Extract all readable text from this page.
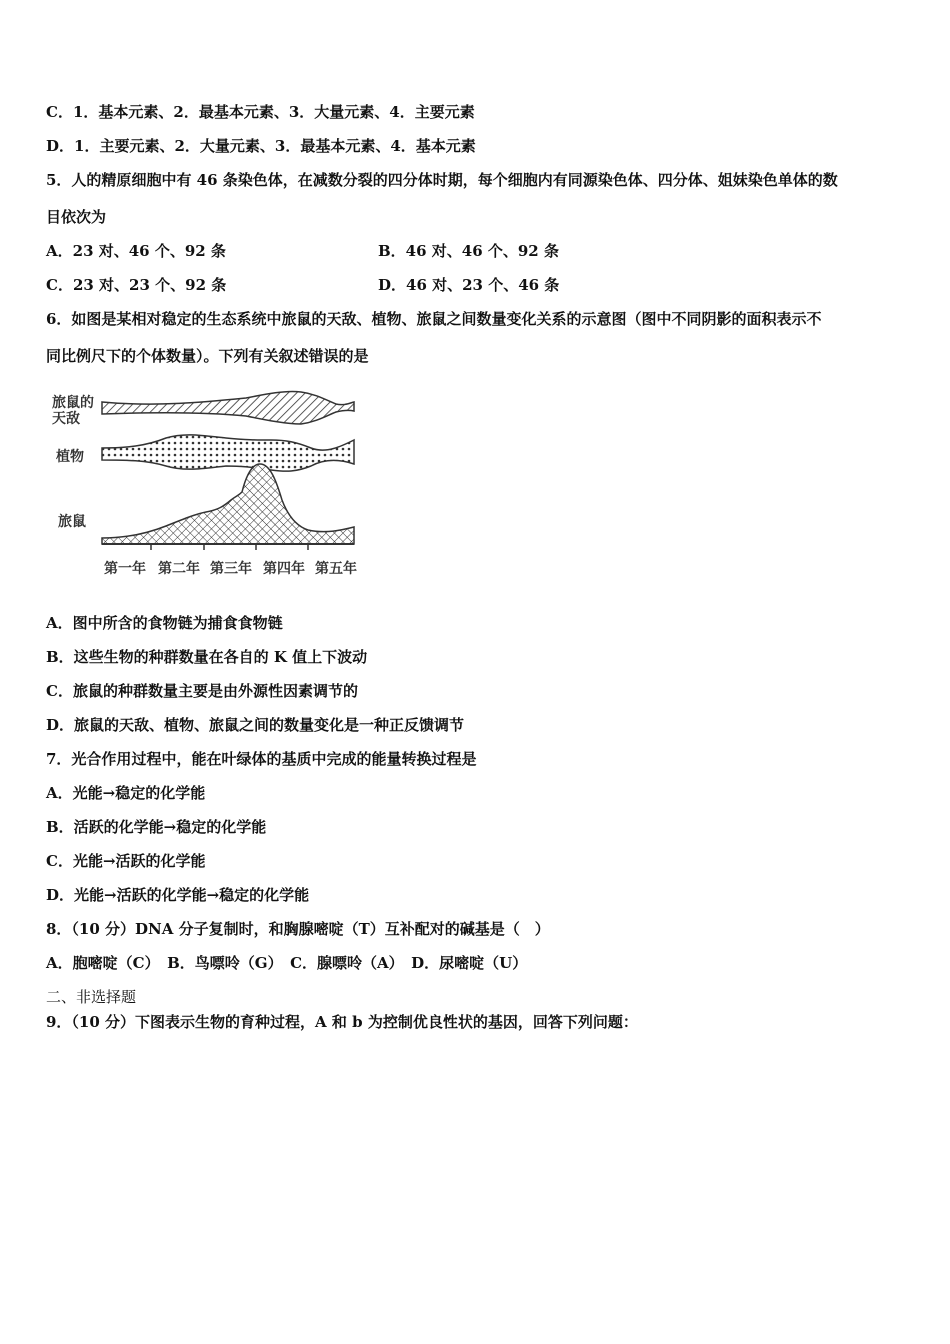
C．1．基本元素、2．最基本元素、3．大量元素、4．主要元素
D．1．主要元素、2．大量元素、3．最基本元素、4．基本元素
5．人的精原细胞中有 46 条染色体，在减数分裂的四分体时期，每个细胞内有同源染色体、四分体、姐妹染色单体的数
目依次为
A．23 对、46 个、92 条	B．46 对、46 个、92 条
C．23 对、23 个、92 条	D．46 对、23 个、46 条
6．如图是某相对稳定的生态系统中旅鼠的天敌、植物、旅鼠之间数量变化关系的示意图（图中不同阴影的面积表示不
同比例尺下的个体数量）。下列有关叙述错误的是
旅鼠的
天敌
植物
旅鼠
第一年 第二年 第三年 第四年 第五年
A．图中所含的食物链为捕食食物链
B．这些生物的种群数量在各自的 K 值上下波动
C．旅鼠的种群数量主要是由外源性因素调节的
D．旅鼠的天敌、植物、旅鼠之间的数量变化是一种正反馈调节
7．光合作用过程中，能在叶绿体的基质中完成的能量转换过程是
A．光能→稳定的化学能
B．活跃的化学能→稳定的化学能
C．光能→活跃的化学能
D．光能→活跃的化学能→稳定的化学能
8．（10 分）DNA 分子复制时，和胸腺嘧啶（T）互补配对的碱基是（　）
A．胞嘧啶（C）　B．鸟嘌呤（G）　C．腺嘌呤（A）　D．尿嘧啶（U）
二、非选择题
9．（10 分）下图表示生物的育种过程，A 和 b 为控制优良性状的基因，回答下列问题：
